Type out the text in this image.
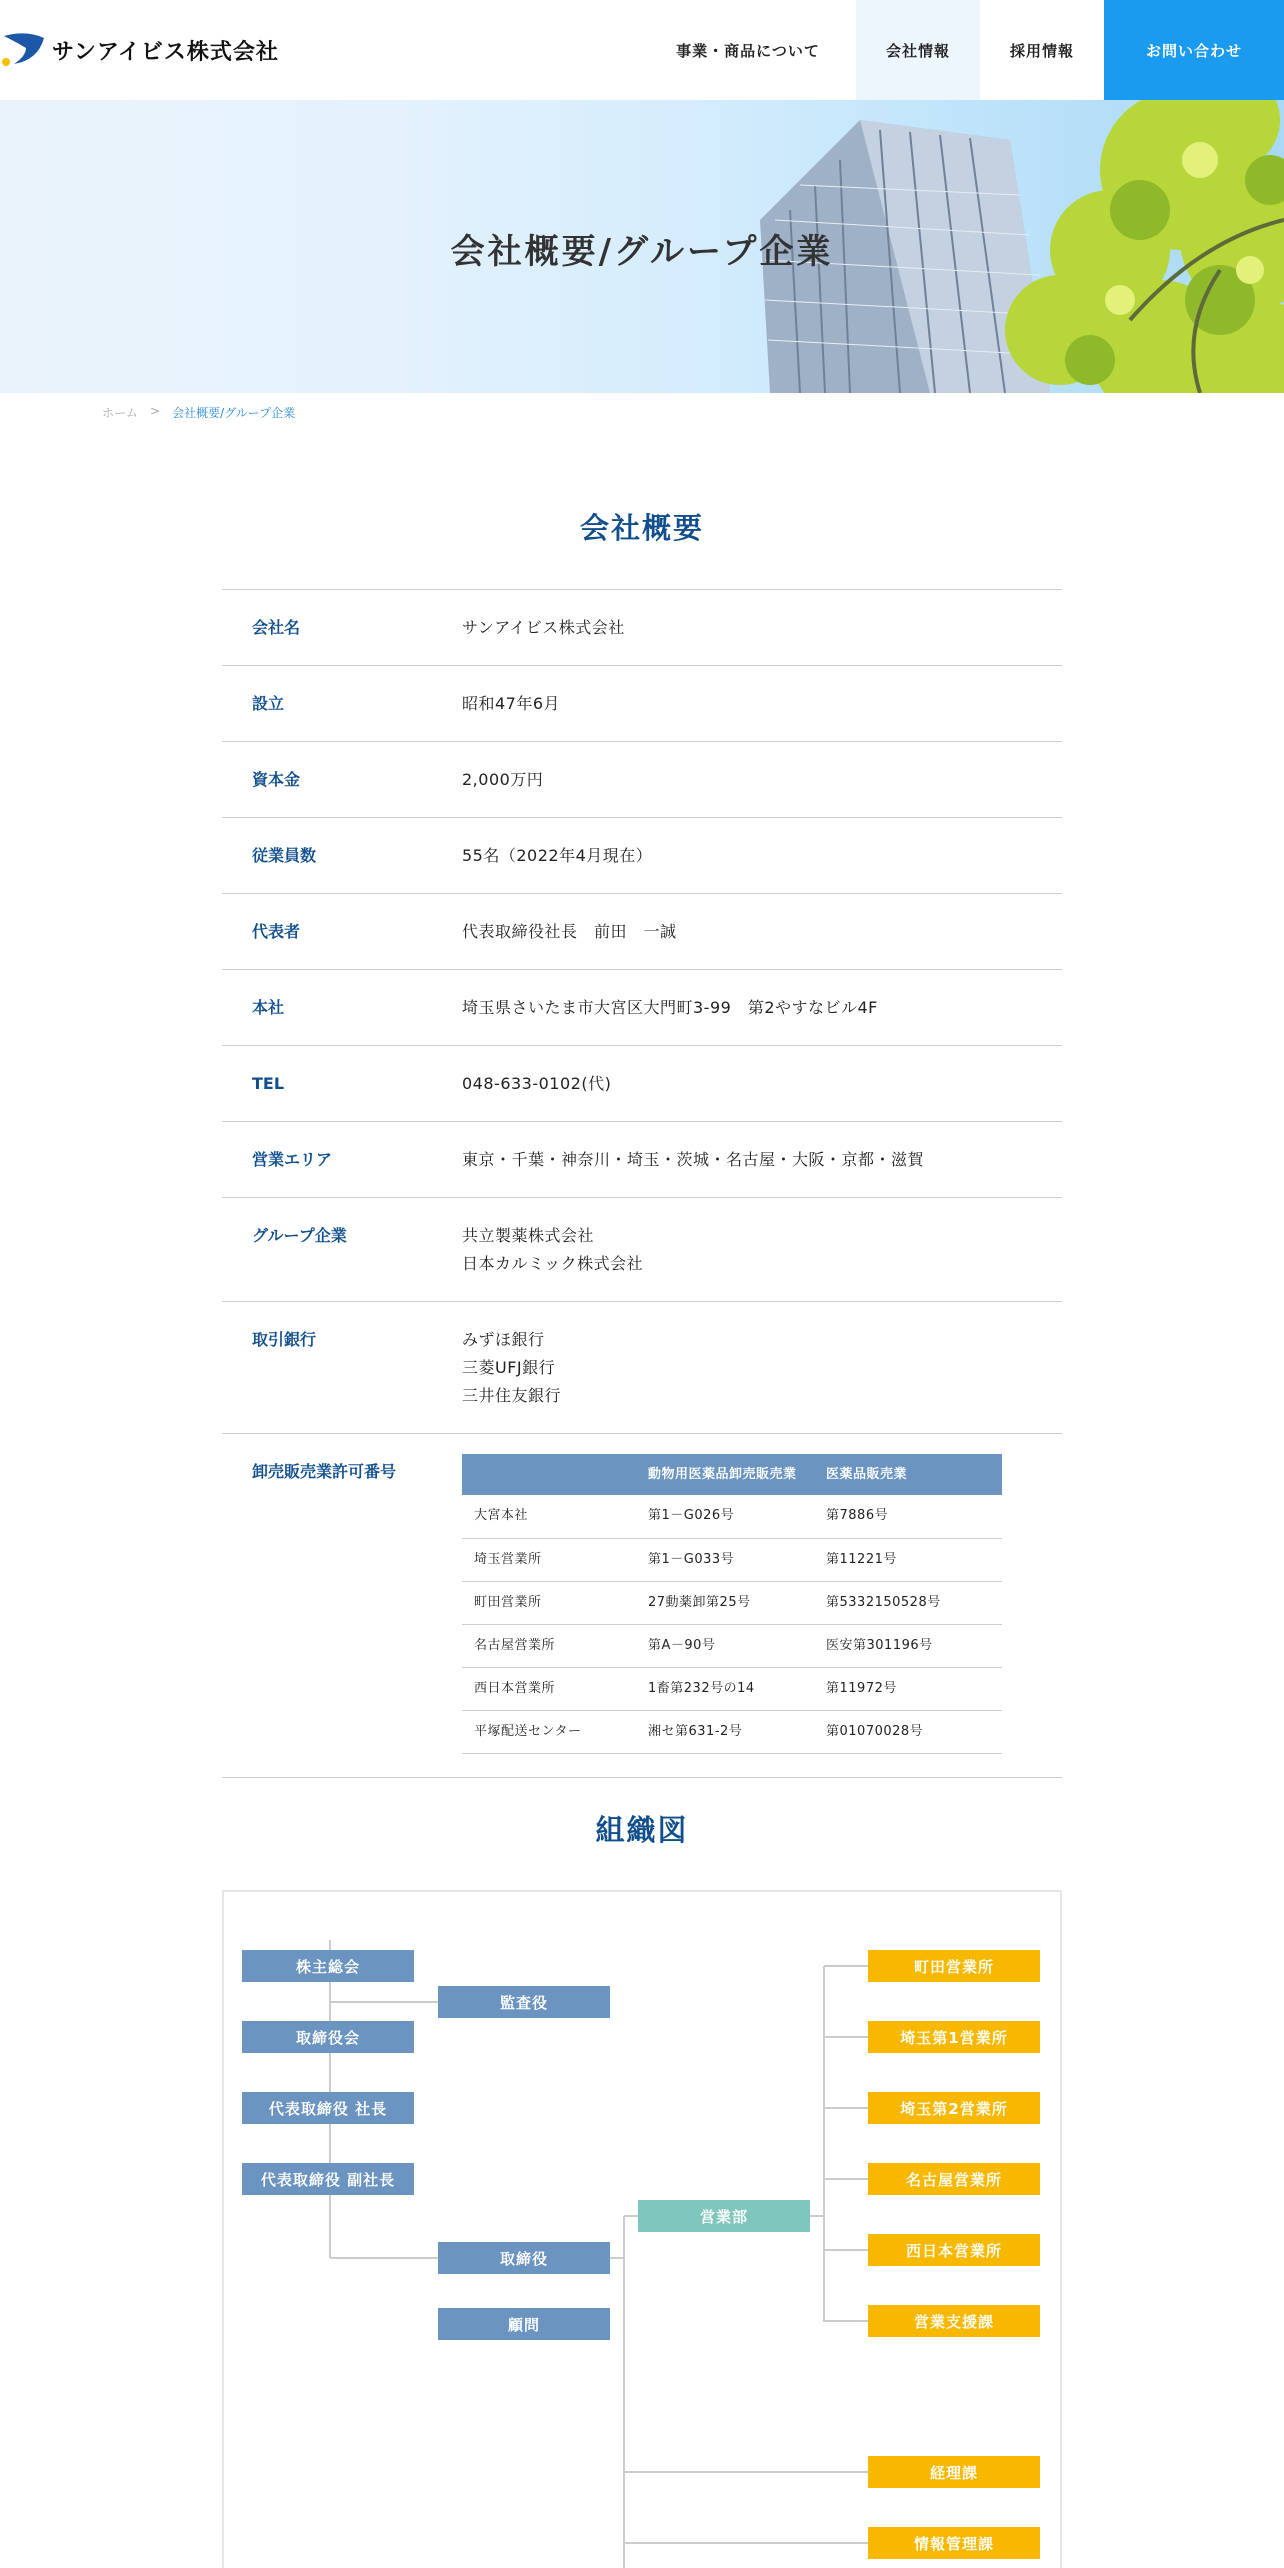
サンアイビス株式会社	事業・商品について	会社情報	採用情報	お問い合わせ
会社概要/グループ企業
ホーム > 会社概要/グループ企業
会社概要
会社名	サンアイビス株式会社
設立	昭和47年6月
資本金	2,000万円
従業員数	55名（2022年4月現在）
代表者	代表取締役社長　前田　一誠
本社	埼玉県さいたま市大宮区大門町3-99　第2やすなビル4F
TEL	048-633-0102(代)
営業エリア	東京・千葉・神奈川・埼玉・茨城・名古屋・大阪・京都・滋賀
グループ企業	共立製薬株式会社
日本カルミック株式会社
取引銀行	みずほ銀行
三菱UFJ銀行
三井住友銀行
卸売販売業許可番号
		動物用医薬品卸売販売業	医薬品販売業
大宮本社	第1－G026号	第7886号
埼玉営業所	第1－G033号	第11221号
町田営業所	27動薬卸第25号	第5332150528号
名古屋営業所	第A－90号	医安第301196号
西日本営業所	1畜第232号の14	第11972号
平塚配送センター	湘セ第631-2号	第01070028号
組織図
株主総会
取締役会
代表取締役 社長
代表取締役 副社長
監査役
取締役
顧問
営業部
町田営業所
埼玉第1営業所
埼玉第2営業所
名古屋営業所
西日本営業所
営業支援課
経理課
情報管理課
